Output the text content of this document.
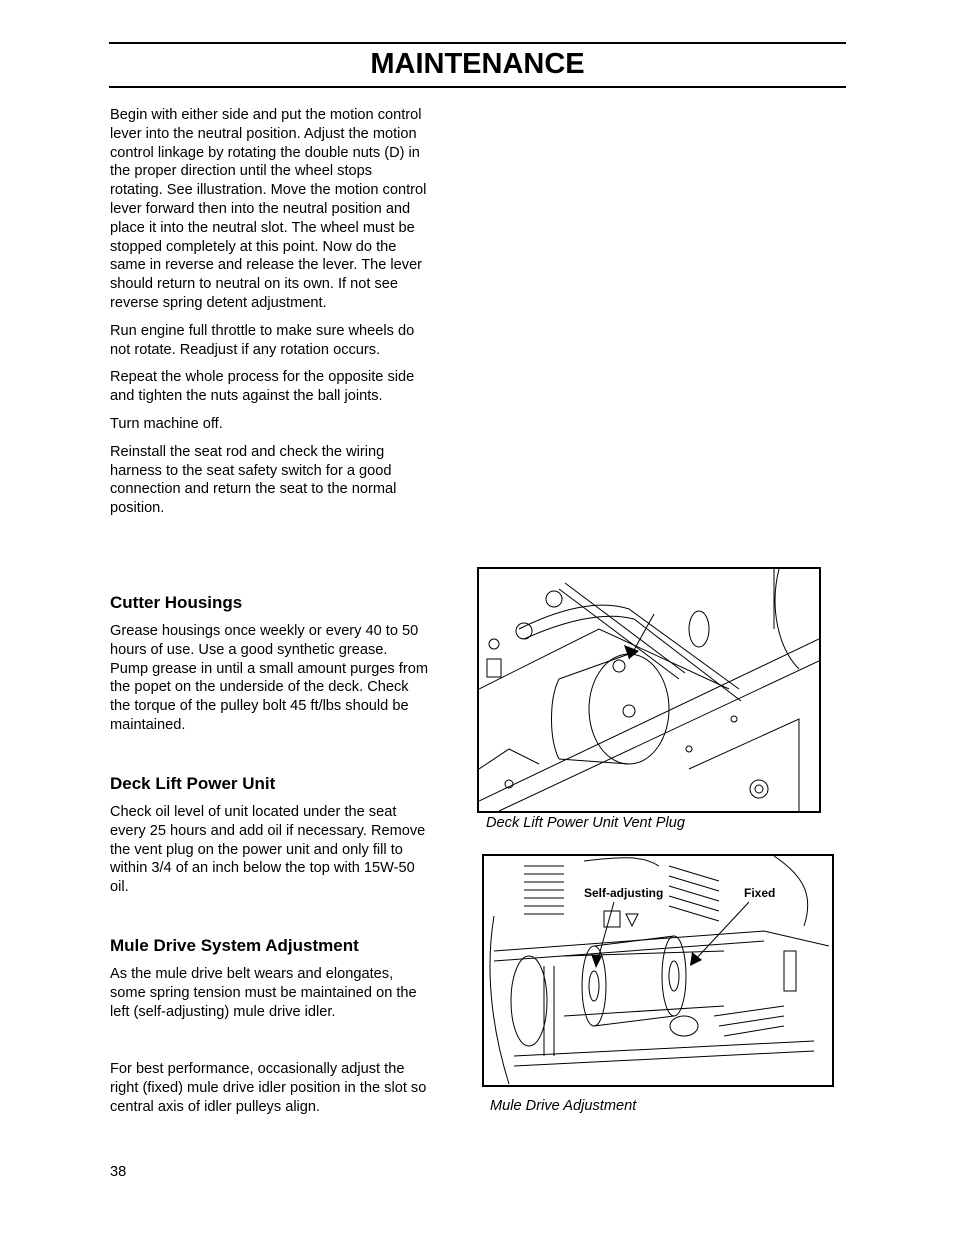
MAINTENANCE

Begin with either side and put the motion control lever into the neutral position. Adjust the motion control linkage by rotating the double nuts (D) in the proper direction until the wheel stops rotating. See illustration. Move the motion control lever forward then into the neutral position and place it into the neutral slot. The wheel must be stopped completely at this point. Now do the same in reverse and release the lever. The lever should return to neutral on its own. If not see reverse spring detent adjustment.

Run engine full throttle to make sure wheels do not rotate. Readjust if any rotation occurs.

Repeat the whole process for the opposite side and tighten the nuts against the ball joints.

Turn machine off.

Reinstall the seat rod and check the wiring harness to the seat safety switch for a good connection and return the seat to the normal position.

Cutter Housings

Grease housings once weekly or every 40 to 50 hours of use. Use a good synthetic grease. Pump grease in until a small amount purges from the popet on the underside of the deck. Check the torque of the pulley bolt 45 ft/lbs should be maintained.

Deck Lift Power Unit

Check oil level of unit located under the seat every 25 hours and add oil if necessary. Remove the vent plug on the power unit and only fill to within 3/4 of an inch below the top with 15W-50 oil.

Mule Drive System Adjustment

As the mule drive belt wears and elongates, some spring tension must be maintained on the left (self-adjusting) mule drive idler.

For best performance, occasionally adjust the right (fixed) mule drive idler position in the slot so central axis of idler pulleys align.

Deck Lift Power Unit Vent Plug

Self-adjusting	Fixed

Mule Drive Adjustment

38
